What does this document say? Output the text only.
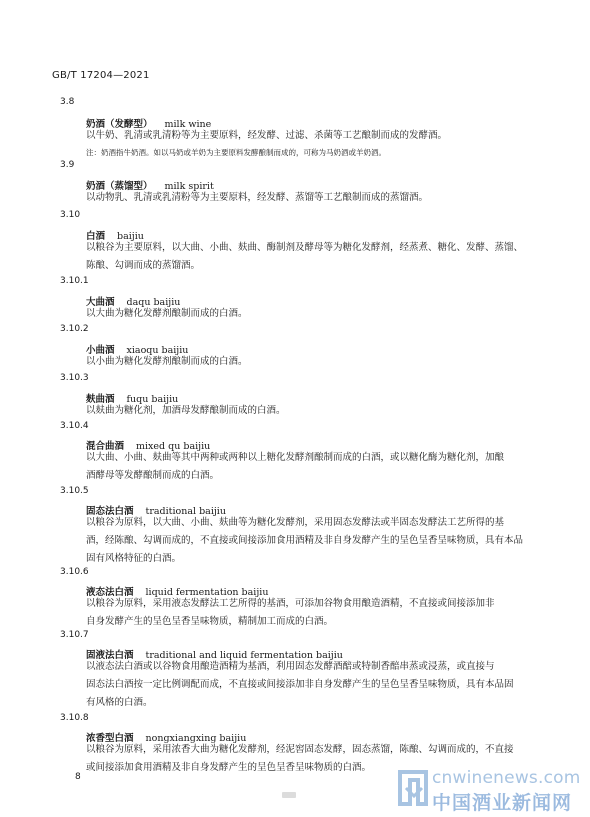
GB/T 17204—2021
3.8
奶酒（发酵型） milk wine
以牛奶、乳清或乳清粉等为主要原料，经发酵、过滤、杀菌等工艺酿制而成的发酵酒。
注：奶酒指牛奶酒。如以马奶或羊奶为主要原料发酵酿制而成的，可称为马奶酒或羊奶酒。
3.9
奶酒（蒸馏型） milk spirit
以动物乳、乳清或乳清粉等为主要原料，经发酵、蒸馏等工艺酿制而成的蒸馏酒。
3.10
白酒 baijiu
以粮谷为主要原料，以大曲、小曲、麸曲、酶制剂及酵母等为糖化发酵剂，经蒸煮、糖化、发酵、蒸馏、
陈酿、勾调而成的蒸馏酒。
3.10.1
大曲酒 daqu baijiu
以大曲为糖化发酵剂酿制而成的白酒。
3.10.2
小曲酒 xiaoqu baijiu
以小曲为糖化发酵剂酿制而成的白酒。
3.10.3
麸曲酒 fuqu baijiu
以麸曲为糖化剂，加酒母发酵酿制而成的白酒。
3.10.4
混合曲酒 mixed qu baijiu
以大曲、小曲、麸曲等其中两种或两种以上糖化发酵剂酿制而成的白酒，或以糖化酶为糖化剂，加酿
酒酵母等发酵酿制而成的白酒。
3.10.5
固态法白酒 traditional baijiu
以粮谷为原料，以大曲、小曲、麸曲等为糖化发酵剂，采用固态发酵法或半固态发酵法工艺所得的基
酒，经陈酿、勾调而成的，不直接或间接添加食用酒精及非自身发酵产生的呈色呈香呈味物质，具有本品
固有风格特征的白酒。
3.10.6
液态法白酒 liquid fermentation baijiu
以粮谷为原料，采用液态发酵法工艺所得的基酒，可添加谷物食用酿造酒精，不直接或间接添加非
自身发酵产生的呈色呈香呈味物质，精制加工而成的白酒。
3.10.7
固液法白酒 traditional and liquid fermentation baijiu
以液态法白酒或以谷物食用酿造酒精为基酒，利用固态发酵酒醅或特制香醅串蒸或浸蒸，或直接与
固态法白酒按一定比例调配而成，不直接或间接添加非自身发酵产生的呈色呈香呈味物质，具有本品固
有风格的白酒。
3.10.8
浓香型白酒 nongxiangxing baijiu
以粮谷为原料，采用浓香大曲为糖化发酵剂，经泥窖固态发酵，固态蒸馏，陈酿、勾调而成的，不直接
或间接添加食用酒精及非自身发酵产生的呈色呈香呈味物质的白酒。
8	cnwinenews.com
中国酒业新闻网
